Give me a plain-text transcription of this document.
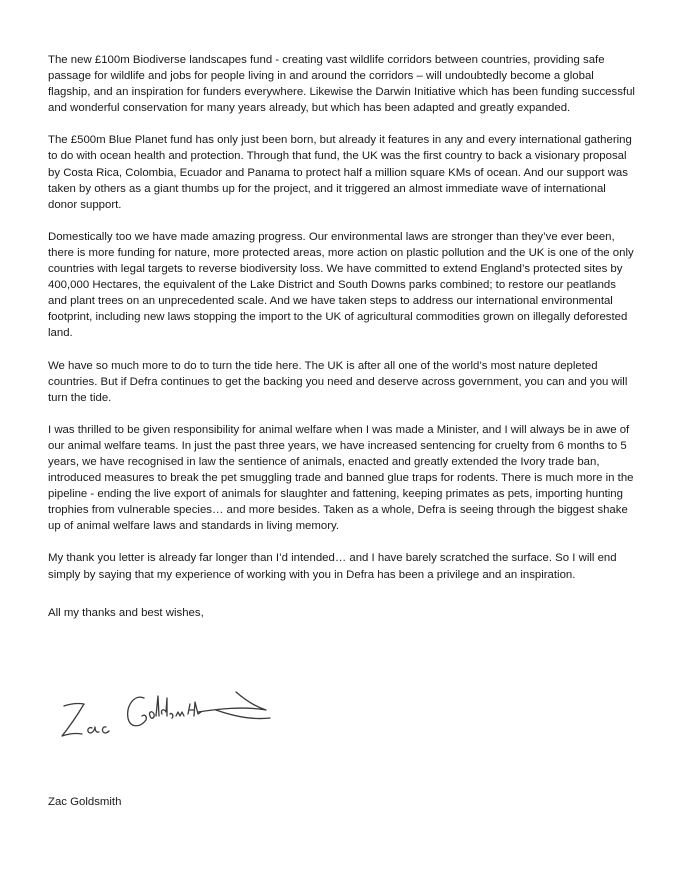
The new £100m Biodiverse landscapes fund - creating vast wildlife corridors between countries, providing safe passage for wildlife and jobs for people living in and around the corridors – will undoubtedly become a global flagship, and an inspiration for funders everywhere. Likewise the Darwin Initiative which has been funding successful and wonderful conservation for many years already, but which has been adapted and greatly expanded.

The £500m Blue Planet fund has only just been born, but already it features in any and every international gathering to do with ocean health and protection. Through that fund, the UK was the first country to back a visionary proposal by Costa Rica, Colombia, Ecuador and Panama to protect half a million square KMs of ocean. And our support was taken by others as a giant thumbs up for the project, and it triggered an almost immediate wave of international donor support.

Domestically too we have made amazing progress. Our environmental laws are stronger than they’ve ever been, there is more funding for nature, more protected areas, more action on plastic pollution and the UK is one of the only countries with legal targets to reverse biodiversity loss. We have committed to extend England’s protected sites by 400,000 Hectares, the equivalent of the Lake District and South Downs parks combined; to restore our peatlands and plant trees on an unprecedented scale. And we have taken steps to address our international environmental footprint, including new laws stopping the import to the UK of agricultural commodities grown on illegally deforested land.

We have so much more to do to turn the tide here. The UK is after all one of the world’s most nature depleted countries. But if Defra continues to get the backing you need and deserve across government, you can and you will turn the tide.

I was thrilled to be given responsibility for animal welfare when I was made a Minister, and I will always be in awe of our animal welfare teams. In just the past three years, we have increased sentencing for cruelty from 6 months to 5 years, we have recognised in law the sentience of animals, enacted and greatly extended the Ivory trade ban, introduced measures to break the pet smuggling trade and banned glue traps for rodents. There is much more in the pipeline - ending the live export of animals for slaughter and fattening, keeping primates as pets, importing hunting trophies from vulnerable species… and more besides. Taken as a whole, Defra is seeing through the biggest shake up of animal welfare laws and standards in living memory.

My thank you letter is already far longer than I’d intended… and I have barely scratched the surface. So I will end simply by saying that my experience of working with you in Defra has been a privilege and an inspiration.

All my thanks and best wishes,

Zac Goldsmith
